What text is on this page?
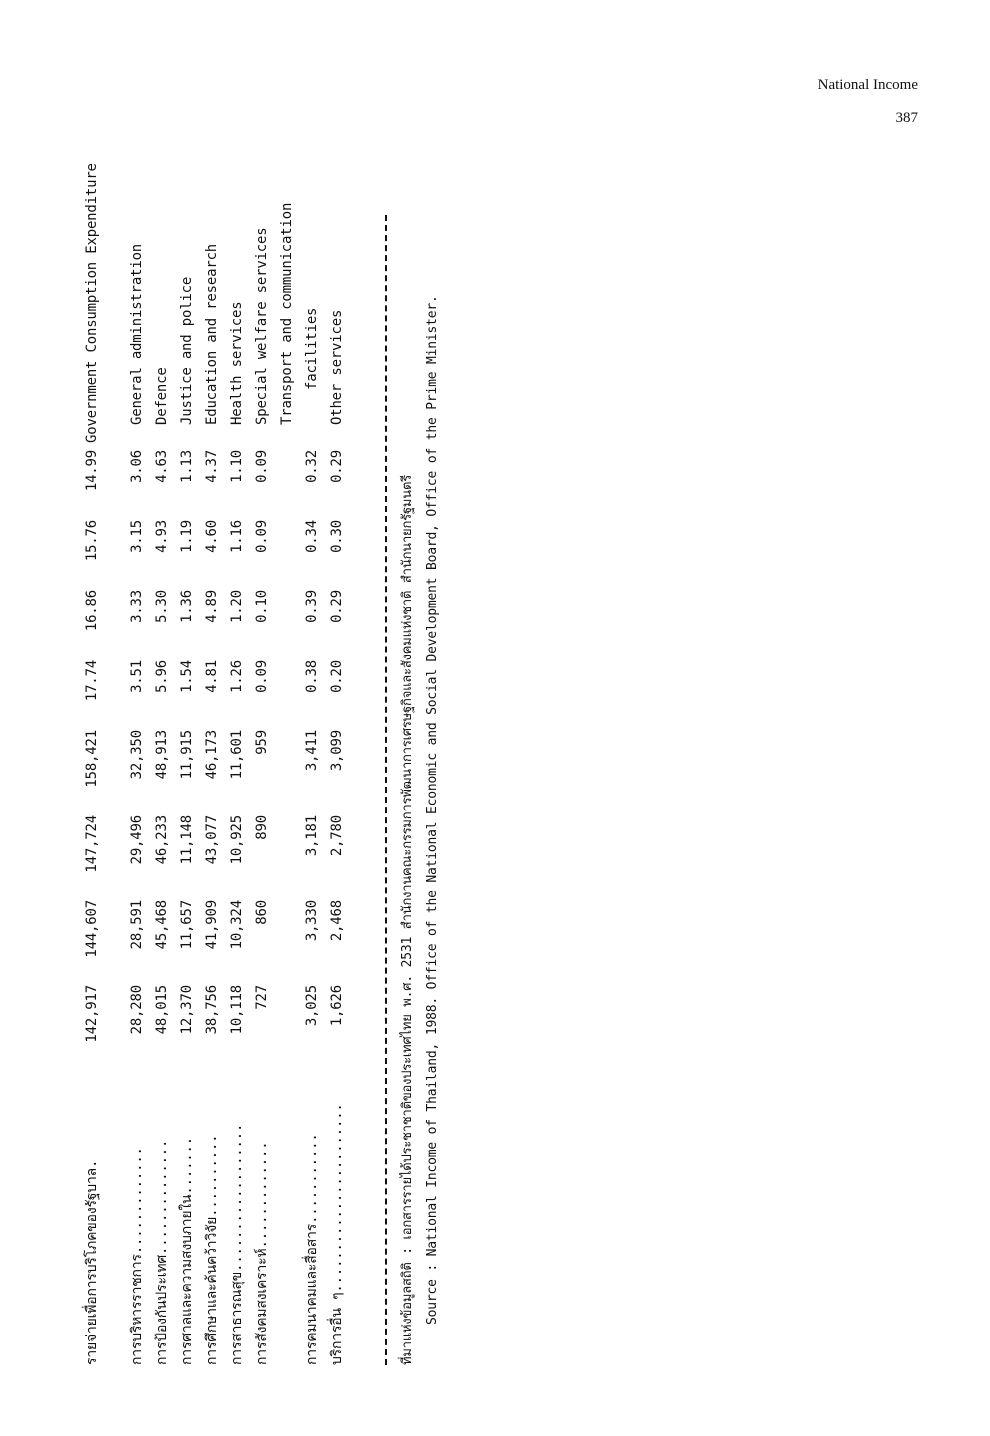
National Income
387
รายจ่ายเพื่อการบริโภคของรัฐบาล.
142,917
144,607
147,724
158,421
17.74
16.86
15.76
14.99
Government Consumption Expenditure
การบริหารราชการ.............
28,280
28,591
29,496
32,350
3.51
3.33
3.15
3.06
General administration
การป้องกันประเทศ..............
48,015
45,468
46,233
48,913
5.96
5.30
4.93
4.63
Defence
การศาลและความสงบภายใน.......
12,370
11,657
11,148
11,915
1.54
1.36
1.19
1.13
Justice and police
การศึกษาและค้นคว้าวิจัย..........
38,756
41,909
43,077
46,173
4.81
4.89
4.60
4.37
Education and research
การสาธารณสุข..................
10,118
10,324
10,925
11,601
1.26
1.20
1.16
1.10
Health services
การสังคมสงเคราะห์.............
727
860
890
959
0.09
0.10
0.09
0.09
Special welfare services Transport and communication
การคมนาคมและสื่อสาร...........
3,025
3,330
3,181
3,411
0.38
0.39
0.34
0.32
facilities
บริการอื่น ๆ.......................
1,626
2,468
2,780
3,099
0.20
0.29
0.30
0.29
Other services
ที่มาแห่งข้อมูลสถิติ : เอกสารรายได้ประชาชาติของประเทศไทย พ.ศ. 2531 สำนักงานคณะกรรมการพัฒนาการเศรษฐกิจและสังคมแห่งชาติ สำนักนายกรัฐมนตรี Source : National Income of Thailand, 1988. Office of the National Economic and Social Development Board, Office of the Prime Minister.
